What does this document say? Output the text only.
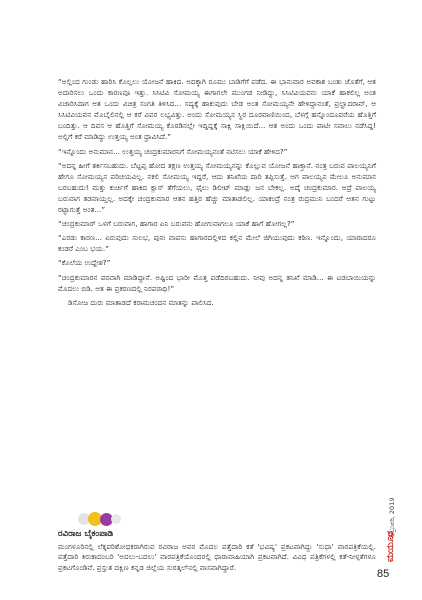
“ಅಲ್ಲಿಂದ ಗುಂಡು ಹಾರಿಸಿ ಕೊಲ್ಲಲು ಯೋಜನೆ ಹಾಕಿದ. ಅದಕ್ಕಾಗಿ ರೂಮು ಬಾಡಿಗೆಗೆ ಪಡೆದ. ಈ ಭಾನುವಾರ ಅವಕಾಶ ಬಂತು ಜೊತೆಗೆ, ಆತ ಅದಾರಿಸಲು ಒಂದು ಕಾರಣವೂ ಇತ್ತು. ಸಿಸಿಟಿವಿ ಸೋಮಯ್ಯ ಈಗಾಗಲೇ ಮುಂಗಡ ನೀಡಿದ್ದು, ಸಿಸಿಟಿವಿಯವನು ಯಾಕೆ ಹಾಕಲಿಲ್ಲ ಅಂತ ವಿಚಾರಿಸಿದಾಗ ಆತ ಒಂದು ವಿಚಿತ್ರ ಸಂಗತಿ ತಿಳಿಸಿದ... ಸದ್ಯಕ್ಕೆ ಹಾಕುವುದು ಬೇಡ ಅಂತ ಸೋಮಯ್ಯನೇ ಹೇಳಿದ್ದಾನಂತೆ, ಪ್ರಲ್ಹಾದರಾವ್, ಆ ಸಿಸಿಟಿವಿಯವನ ಮೊಬೈಲಿನಲ್ಲಿ ಆ ಕರೆ ವಿವರ ಲಭ್ಯವಿತ್ತು. ಅಂದು ಸೋಮಯ್ಯನ ಸ್ಥಿರ ದೂರವಾಣಿಯಿಂದ, ಬೆಳಗ್ಗೆ ಹನ್ನೊಂದೂವರೆಯ ಹೊತ್ತಿಗೆ ಬಂದಿತ್ತು. ಆ ದಿವಸ ಆ ಹೊತ್ತಿಗೆ ಸೋಮಯ್ಯ ಕೊಠಡಿನಲ್ಲೇ ಇದ್ದಿದ್ದಕ್ಕೆ ಸಾಕ್ಷಿ ಸಾಕ್ಷಿಯಿದೆ... ಆತ ಅಂದು ಒಂದು ಪಾಟೀ ಸವಾಲು ನಡೆಸಿದ್ದ! ಅಲ್ಲಿಗೆ ಕರೆ ಮಾಡಿದ್ದು ಉತ್ತಯ್ಯ ಅಂತ ಧ್ರಾವಿಸಿದೆ.”

“ಇನ್ನೊಂದು ಅನುಮಾನ... ಉತ್ತಯ್ಯ ಚಂದ್ರಕುಮಾರನಿಗೆ ಸೋಮಯ್ಯನಂತೆ ನಟಿಸಲು ಯಾಕೆ ಹೇಳಿದ?”

“ಅದನ್ನ ಹೀಗೆ ತರ್ಕಿಸಬಹುದು. ಬೆಟ್ಟಪ್ಪ ಹೋದ ತಕ್ಷಣ ಉತ್ತಯ್ಯ ಸೋಮಯ್ಯನನ್ನು ಕೊಲ್ಲುವ ಯೋಜನೆ ಹಾಕ್ತಾನೆ. ನಂತ್ರ ಬರುವ ಪಾಲಯ್ಯನಿಗೆ ಹೇಗೂ ಸೋಮಯ್ಯನ ಪರಿಚಯವಿಲ್ಲ. ನಕಲಿ ಸೋಮಯ್ಯ ಇದ್ದರೆ, ಆದು ತನಿಖೆಯ ದಾರಿ ತಪ್ಪಿಸುತ್ತೆ. ಆಗ ಪಾಲಯ್ಯನ ಮೇಲೂ ಅನುಮಾನ ಬರಬಹುದು! ಮತ್ತು ಕುರ್ಚಿಗೆ ಹಾಕಿದ ಕ್ಲಾಸ್ ತೆಗೆಯಲು, ಫೈಲು ಡಿಲೀಟ್ ಮಾಡ್ಲು ಜನ ಬೇಕಲ್ಲ. ಅದ್ಕೆ ಚಂದ್ರಕುಮಾರ. ಅದ್ರೆ ಪಾಲಯ್ಯ ಬರುವಾಗ ತಡವಾಯ್ತಲ್ಲ. ಅದಕ್ಕೇ ಚಂದ್ರಕುಮಾರ ಆತನ ಹತ್ತಿರ ಹೆಚ್ಚು ಮಾತಾಡಲಿಲ್ಲ. ಯಾಕಂದ್ರೆ ನಂತ್ರ ರುದ್ರಮುನಿ ಬಂದರೆ ಆತನ ಗುಟ್ಟು ರಟ್ಟಾಗುತ್ತೆ ಅಂತ...”

“ಚಂದ್ರಕುಮಾರ್ ಒಳಗೆ ಬರುವಾಗ, ಹಾಗಾರ ಏನಿ ಬರುವನು ಹೋಗುವಾಗಲೂ ಯಾಕೆ ಹಾಗೆ ಹೋಗಲ್ಲ?”

“ಎರಡು ಕಾರಣ... ಏರುವುದು ಸುಲಭ, ಪುನಃ ವಾಪಸು ಹಾಗಾರದಲ್ಲಿಳಿದ ಕಲ್ಲಿನ ಮೇಲೆ ಜಿಗಿಯುವುದು ಕಠಿಣ. ಇನ್ನೊಂದು, ಯಾರಾದರೂ ಕಂಡರೆ ಎಂಬ ಭಯ.”

“ಕೊಲೆಯ ಉದ್ದೇಶ?”

“ಚಂದ್ರಕುಮಾರನ ಪರವಾಗಿ ಮಾಡಿದ್ದಾನೆ. ಅಷ್ಟಿಂದ ಭಾರೀ ಮೊತ್ತ ಪಡೆದಿರಬಹುದು. ನೀವು ಅದನ್ನ ತನಿಖೆ ಮಾಡಿ... ಈ ಟಡಬಾಯಿಯನ್ನು ಮೊದಲು ಬಿಡಿ. ಆತ ಈ ಪ್ರಕರಣದಲ್ಲಿ ನಿರಪರಾಧಿ!”

ಡಿಸೋಜ ದುರು ಮಾತಾಡದೆ ಕರಾಮಚಂದನ ಮಾತನ್ನು ಪಾಲಿಸಿದ.

ರವಿರಾಜ ಬೈಕಂಪಾಡಿ
ಮಂಗಳೂರಿನಲ್ಲಿ ಲೆಕ್ಕಪರಿಶೋಧಕರಾಗಿರುವ ರವಿರಾಜ ಅವರ ಮೊದಲ ಪತ್ತೆದಾರಿ ಕತೆ 'ಭವಿಷ್ಯ' ಪ್ರಕಟವಾಗಿದ್ದು 'ಸುಧಾ' ವಾರಪತ್ರಿಕೆಯಲ್ಲಿ. ಪತ್ತೆದಾರಿ ಕಿರುಕಾದಂಬರಿ 'ಅದಲು-ಬದಲು' ವಾರಪತ್ರಿಕೆಯೊಂದರಲ್ಲಿ ಧಾರಾವಾಹಿಯಾಗಿ ಪ್ರಕಟವಾಗಿದೆ. ವಿವಿಧ ಪತ್ರಿಕೆಗಳಲ್ಲಿ ಕತೆ-ನೀಳ್ಗತೆಗಳೂ ಪ್ರಕಟಗೊಂಡಿವೆ. ಪ್ರಸ್ತುತ ದಕ್ಷಿಣ ಕನ್ನಡ ಜಿಲ್ಲೆಯ ಸುರತ್ಕಲ್‌ನಲ್ಲಿ ವಾಸವಾಗಿದ್ದಾರೆ.
ಫೆಬ್ರುವರಿ, 2019
ಮಯೂರ
85
